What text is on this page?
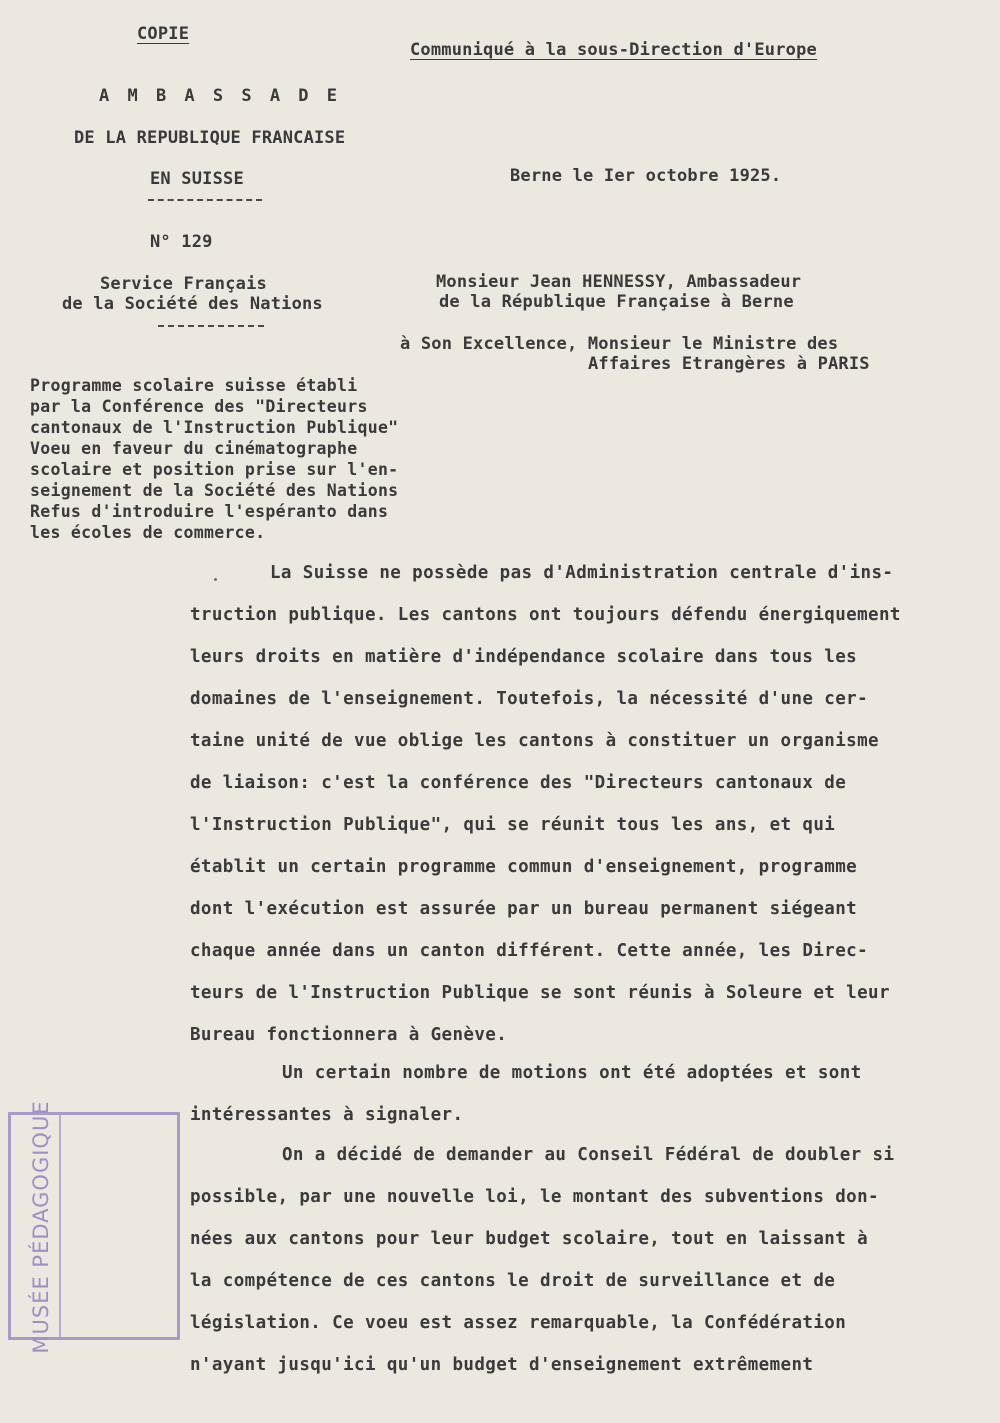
COPIE
Communiqué à la sous-Direction d'Europe
A M B A S S A D E
DE LA REPUBLIQUE FRANCAISE
EN SUISSE
N° 129
Service Français
de la Société des Nations
Berne le Ier octobre 1925.
Monsieur Jean HENNESSY, Ambassadeur
de la République Française à Berne
à Son Excellence, Monsieur le Ministre des
Affaires Etrangères à PARIS
Programme scolaire suisse établi
par la Conférence des "Directeurs
cantonaux de l'Instruction Publique"
Voeu en faveur du cinématographe
scolaire et position prise sur l'en-
seignement de la Société des Nations
Refus d'introduire l'espéranto dans
les écoles de commerce.
La Suisse ne possède pas d'Administration centrale d'ins-
truction publique. Les cantons ont toujours défendu énergiquement
leurs droits en matière d'indépendance scolaire dans tous les
domaines de l'enseignement. Toutefois, la nécessité d'une cer-
taine unité de vue oblige les cantons à constituer un organisme
de liaison: c'est la conférence des "Directeurs cantonaux de
l'Instruction Publique", qui se réunit tous les ans, et qui
établit un certain programme commun d'enseignement, programme
dont l'exécution est assurée par un bureau permanent siégeant
chaque année dans un canton différent. Cette année, les Direc-
teurs de l'Instruction Publique se sont réunis à Soleure et leur
Bureau fonctionnera à Genève.
Un certain nombre de motions ont été adoptées et sont
intéressantes à signaler.
On a décidé de demander au Conseil Fédéral de doubler si
possible, par une nouvelle loi, le montant des subventions don-
nées aux cantons pour leur budget scolaire, tout en laissant à
la compétence de ces cantons le droit de surveillance et de
législation. Ce voeu est assez remarquable, la Confédération
n'ayant jusqu'ici qu'un budget d'enseignement extrêmement
MUSÉE PÉDAGOGIQUE
